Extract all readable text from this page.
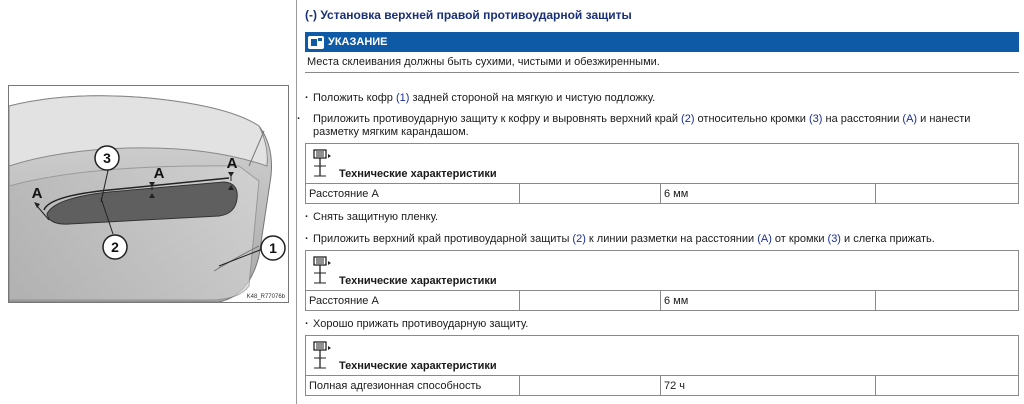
3
2	1
A
A
A
K48_R7707​6b
(-) Установка верхней правой противоударной защиты
УКАЗАНИЕ
Места склеивания должны быть сухими, чистыми и обезжиренными.
· Положить кофр (1) задней стороной на мягкую и чистую подложку.
· Приложить противоударную защиту к кофру и выровнять верхний край (2) относительно кромки (3) на расстоянии (A) и нанести разметку мягким карандашом.
Технические характеристики
Расстояние A	6 мм
· Снять защитную пленку.
· Приложить верхний край противоударной защиты (2) к линии разметки на расстоянии (A) от кромки (3) и слегка прижать.
Технические характеристики
Расстояние A	6 мм
· Хорошо прижать противоударную защиту.
Технические характеристики
Полная адгезионная способность	72 ч
